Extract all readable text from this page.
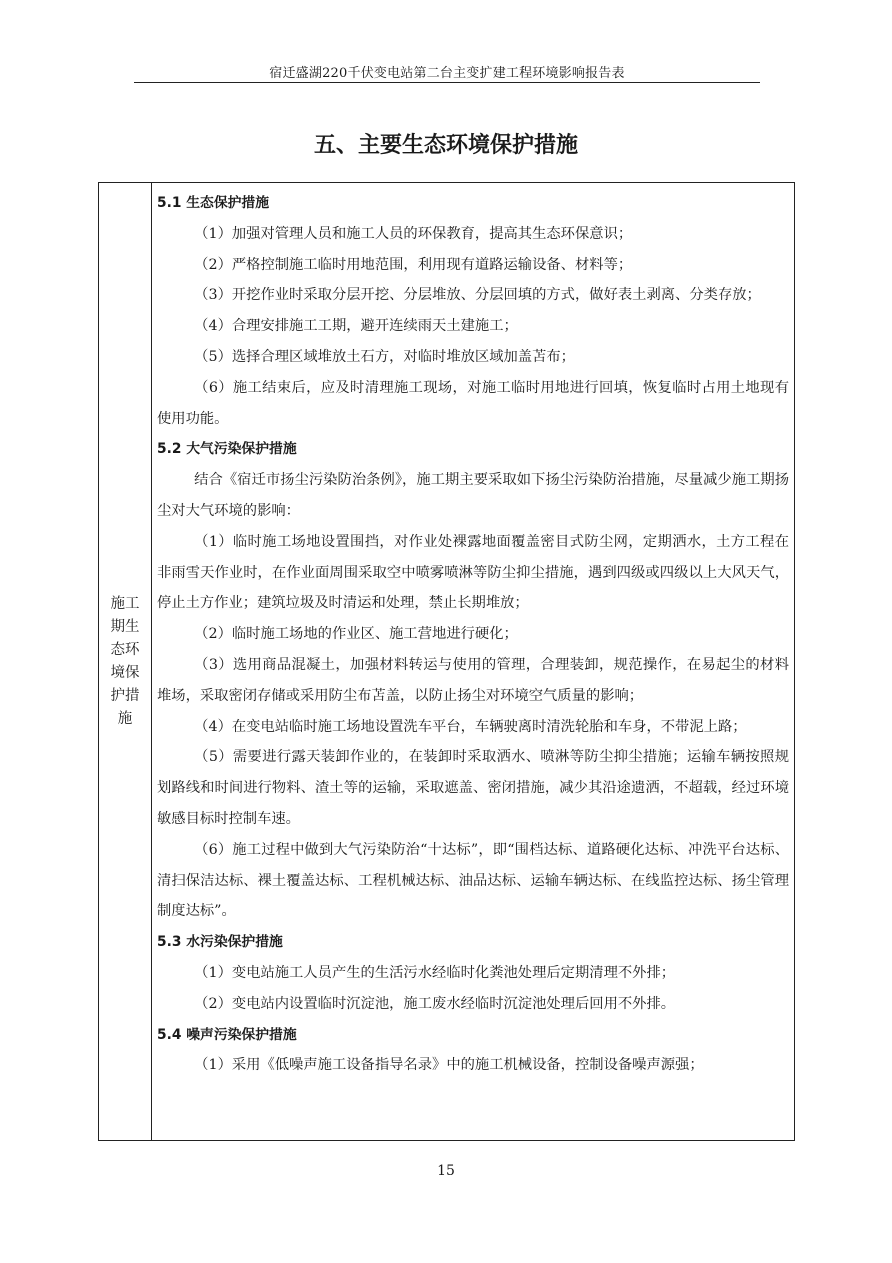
宿迁盛湖220千伏变电站第二台主变扩建工程环境影响报告表
五、主要生态环境保护措施
施工期生态环境保护措施

5.1 生态保护措施

（1）加强对管理人员和施工人员的环保教育，提高其生态环保意识；

（2）严格控制施工临时用地范围，利用现有道路运输设备、材料等；

（3）开挖作业时采取分层开挖、分层堆放、分层回填的方式，做好表土剥离、分类存放；

（4）合理安排施工工期，避开连续雨天土建施工；

（5）选择合理区域堆放土石方，对临时堆放区域加盖苫布；

（6）施工结束后，应及时清理施工现场，对施工临时用地进行回填，恢复临时占用土地现有使用功能。

5.2 大气污染保护措施

结合《宿迁市扬尘污染防治条例》，施工期主要采取如下扬尘污染防治措施，尽量减少施工期扬尘对大气环境的影响：

（1）临时施工场地设置围挡，对作业处裸露地面覆盖密目式防尘网，定期洒水，土方工程在非雨雪天作业时，在作业面周围采取空中喷雾喷淋等防尘抑尘措施，遇到四级或四级以上大风天气，停止土方作业；建筑垃圾及时清运和处理，禁止长期堆放；

（2）临时施工场地的作业区、施工营地进行硬化；

（3）选用商品混凝土，加强材料转运与使用的管理，合理装卸，规范操作，在易起尘的材料堆场，采取密闭存储或采用防尘布苫盖，以防止扬尘对环境空气质量的影响；

（4）在变电站临时施工场地设置洗车平台，车辆驶离时清洗轮胎和车身，不带泥上路；

（5）需要进行露天装卸作业的，在装卸时采取洒水、喷淋等防尘抑尘措施；运输车辆按照规划路线和时间进行物料、渣土等的运输，采取遮盖、密闭措施，减少其沿途遗洒，不超载，经过环境敏感目标时控制车速。

（6）施工过程中做到大气污染防治“十达标”，即“围档达标、道路硬化达标、冲洗平台达标、清扫保洁达标、裸土覆盖达标、工程机械达标、油品达标、运输车辆达标、在线监控达标、扬尘管理制度达标”。

5.3 水污染保护措施

（1）变电站施工人员产生的生活污水经临时化粪池处理后定期清理不外排；

（2）变电站内设置临时沉淀池，施工废水经临时沉淀池处理后回用不外排。

5.4 噪声污染保护措施

（1）采用《低噪声施工设备指导名录》中的施工机械设备，控制设备噪声源强；

15
